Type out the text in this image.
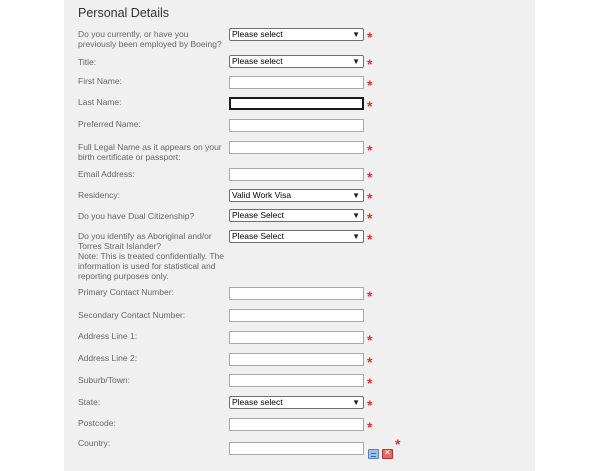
Personal Details
Do you currently, or have you
previously been employed by Boeing?
Please select	▼ *
Title:	Please select	▼ *
First Name:	*
Last Name:	*
Preferred Name:
Full Legal Name as it appears on your
birth certificate or passport:	*
Email Address:	*
Residency:	Valid Work Visa	▼ *
Do you have Dual Citizenship?	Please Select	▼ *
Do you identify as Aboriginal and/or
Torres Strait Islander?
Note: This is treated confidentially. The
information is used for statistical and
reporting purposes only.
Please Select	▼ *
Primary Contact Number:	*
Secondary Contact Number:
Address Line 1:	*
Address Line 2:	*
Suburb/Town:	*
State:	Please select	▼ *
Postcode:	*
Country:
✕	*
